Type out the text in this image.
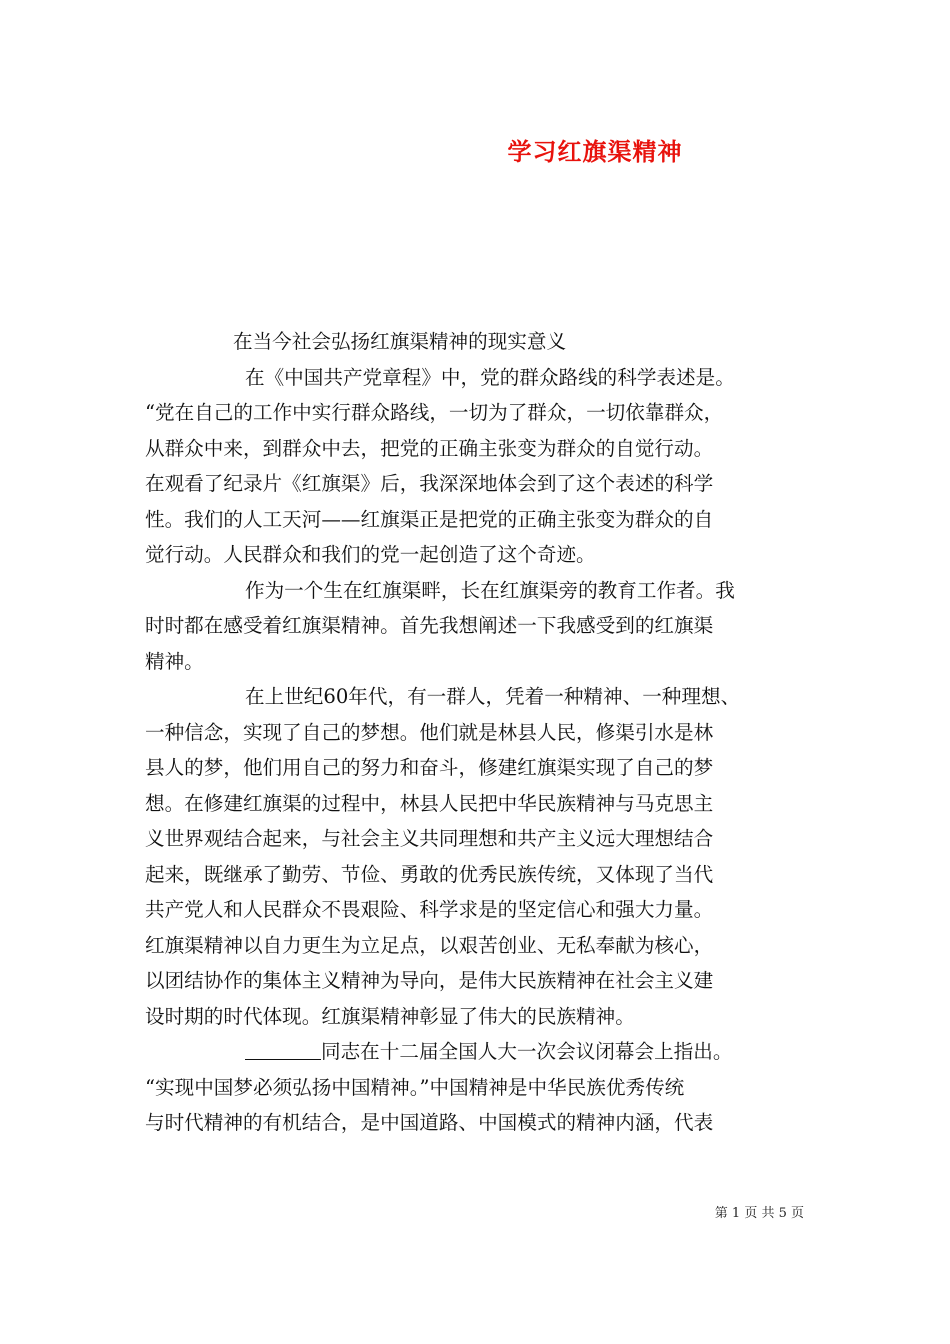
学习红旗渠精神
在当今社会弘扬红旗渠精神的现实意义
在《中国共产党章程》中，党的群众路线的科学表述是。
“党在自己的工作中实行群众路线，一切为了群众，一切依靠群众，
从群众中来，到群众中去，把党的正确主张变为群众的自觉行动。
在观看了纪录片《红旗渠》后，我深深地体会到了这个表述的科学
性。我们的人工天河——红旗渠正是把党的正确主张变为群众的自
觉行动。人民群众和我们的党一起创造了这个奇迹。
作为一个生在红旗渠畔，长在红旗渠旁的教育工作者。我
时时都在感受着红旗渠精神。首先我想阐述一下我感受到的红旗渠
精神。
在上世纪60年代，有一群人，凭着一种精神、一种理想、
一种信念，实现了自己的梦想。他们就是林县人民，修渠引水是林
县人的梦，他们用自己的努力和奋斗，修建红旗渠实现了自己的梦
想。在修建红旗渠的过程中，林县人民把中华民族精神与马克思主
义世界观结合起来，与社会主义共同理想和共产主义远大理想结合
起来，既继承了勤劳、节俭、勇敢的优秀民族传统，又体现了当代
共产党人和人民群众不畏艰险、科学求是的坚定信心和强大力量。
红旗渠精神以自力更生为立足点，以艰苦创业、无私奉献为核心，
以团结协作的集体主义精神为导向，是伟大民族精神在社会主义建
设时期的时代体现。红旗渠精神彰显了伟大的民族精神。
同志在十二届全国人大一次会议闭幕会上指出。
“实现中国梦必须弘扬中国精神。”中国精神是中华民族优秀传统
与时代精神的有机结合，是中国道路、中国模式的精神内涵，代表
第 1 页 共 5 页
